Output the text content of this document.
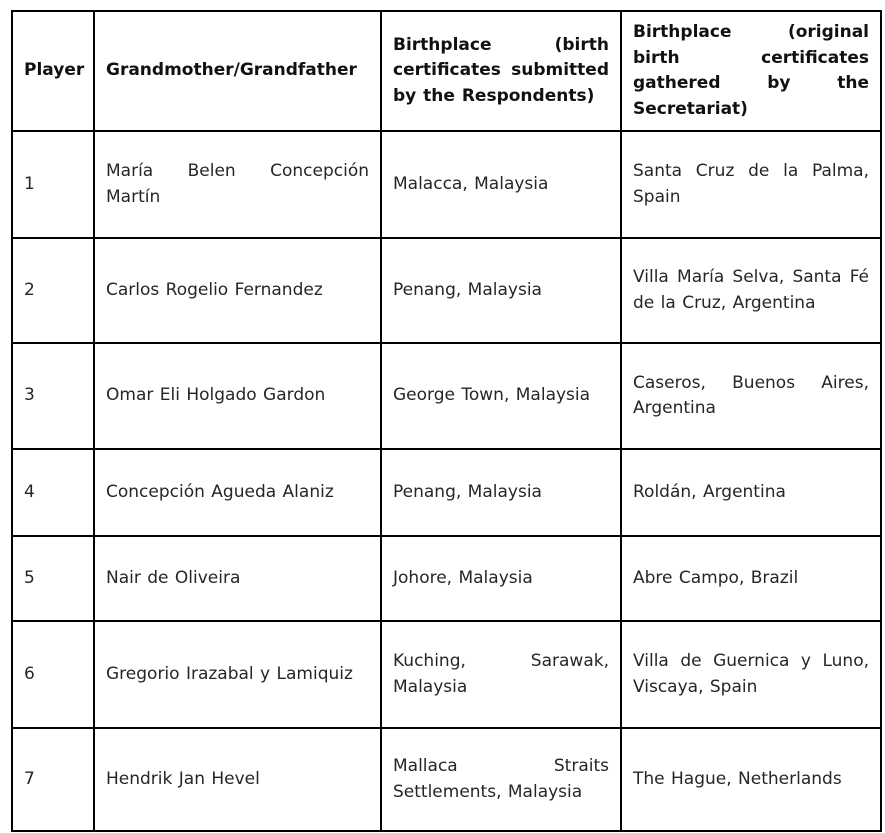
Player	Grandmother/Grandfather	Birthplace (birth certificates submitted by the Respondents)	Birthplace (original birth certificates gathered by the Secretariat)
1	María Belen Concepción Martín	Malacca, Malaysia	Santa Cruz de la Palma, Spain
2	Carlos Rogelio Fernandez	Penang, Malaysia	Villa María Selva, Santa Fé de la Cruz, Argentina
3	Omar Eli Holgado Gardon	George Town, Malaysia	Caseros, Buenos Aires, Argentina
4	Concepción Agueda Alaniz	Penang, Malaysia	Roldán, Argentina
5	Nair de Oliveira	Johore, Malaysia	Abre Campo, Brazil
6	Gregorio Irazabal y Lamiquiz	Kuching, Sarawak, Malaysia	Villa de Guernica y Luno, Viscaya, Spain
7	Hendrik Jan Hevel	Mallaca Straits Settlements, Malaysia	The Hague, Netherlands
